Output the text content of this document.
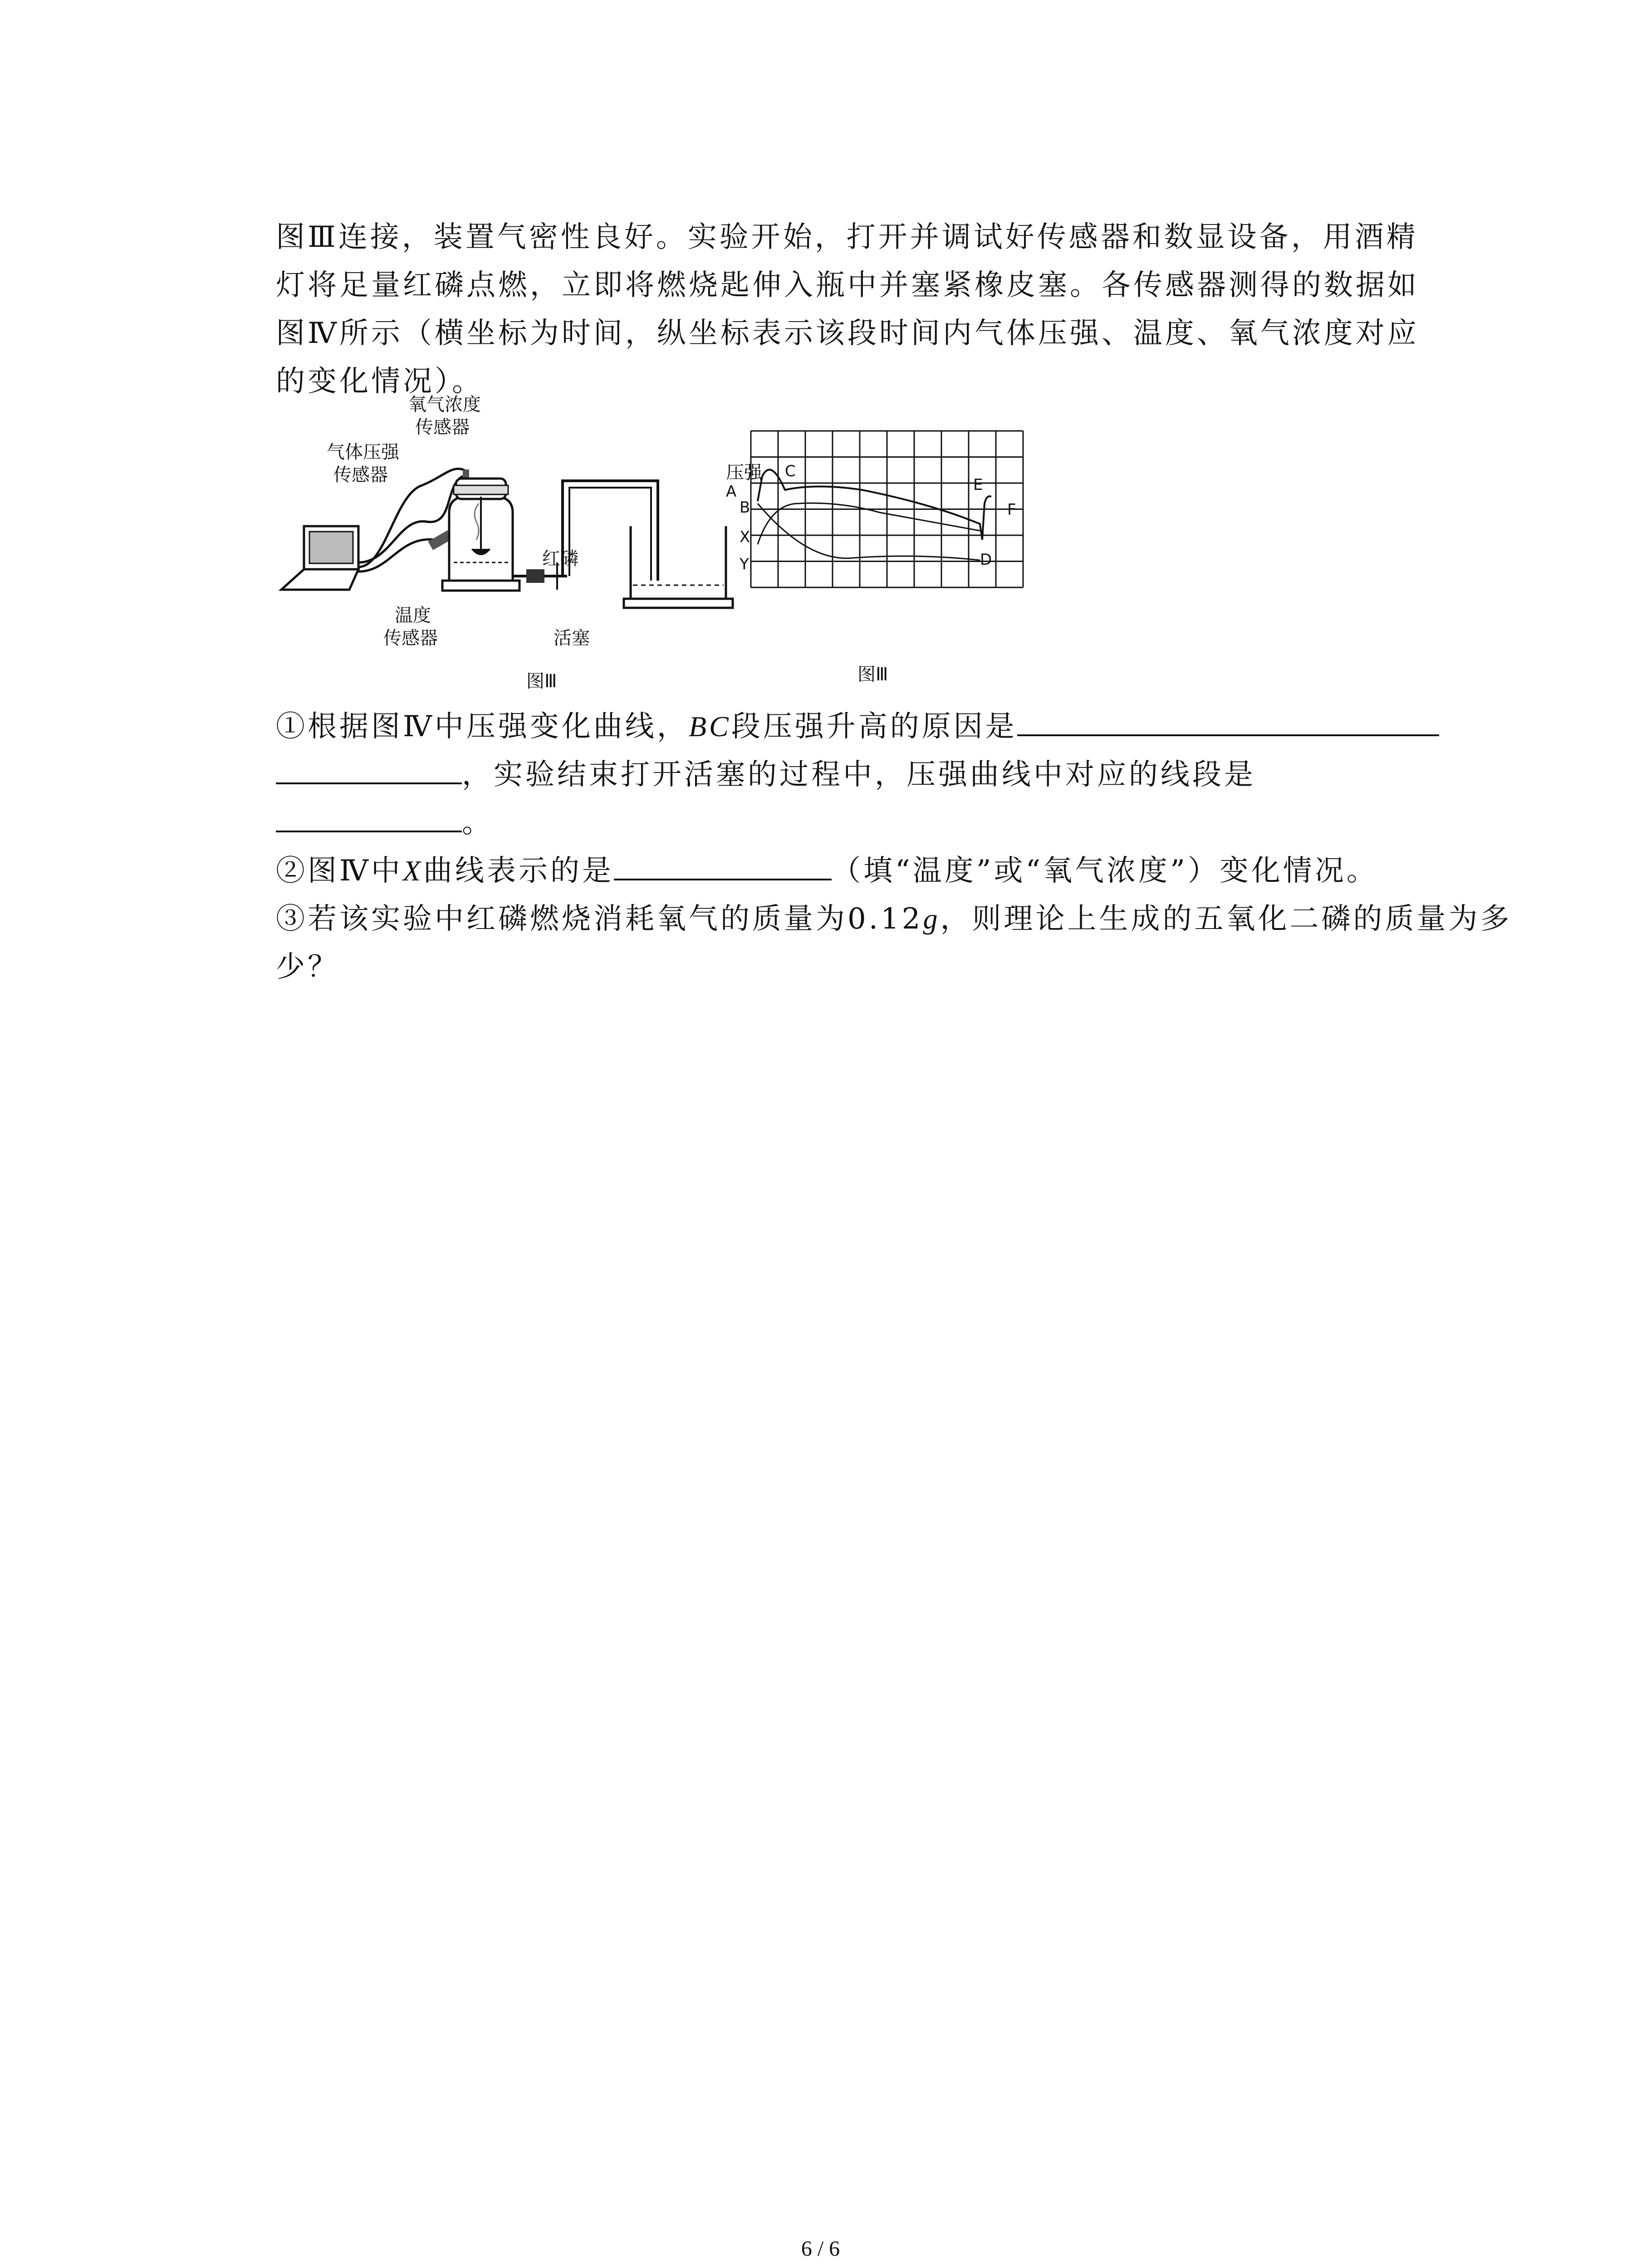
图Ⅲ连接，装置气密性良好。实验开始，打开并调试好传感器和数显设备，用酒精灯将足量红磷点燃，立即将燃烧匙伸入瓶中并塞紧橡皮塞。各传感器测得的数据如图Ⅳ所示（横坐标为时间，纵坐标表示该段时间内气体压强、温度、氧气浓度对应的变化情况）。
氧气浓度
传感器
气体压强
传感器
温度
传感器
红磷
活塞
图Ⅲ
压强
A
B
X
Y
C
E
F
D
图Ⅲ
①根据图Ⅳ中压强变化曲线，BC段压强升高的原因是
，实验结束打开活塞的过程中，压强曲线中对应的线段是
。
②图Ⅳ中X曲线表示的是	（填“温度”或“氧气浓度”）变化情况。
③若该实验中红磷燃烧消耗氧气的质量为0.12g，则理论上生成的五氧化二磷的质量为多
少？
6 / 6
